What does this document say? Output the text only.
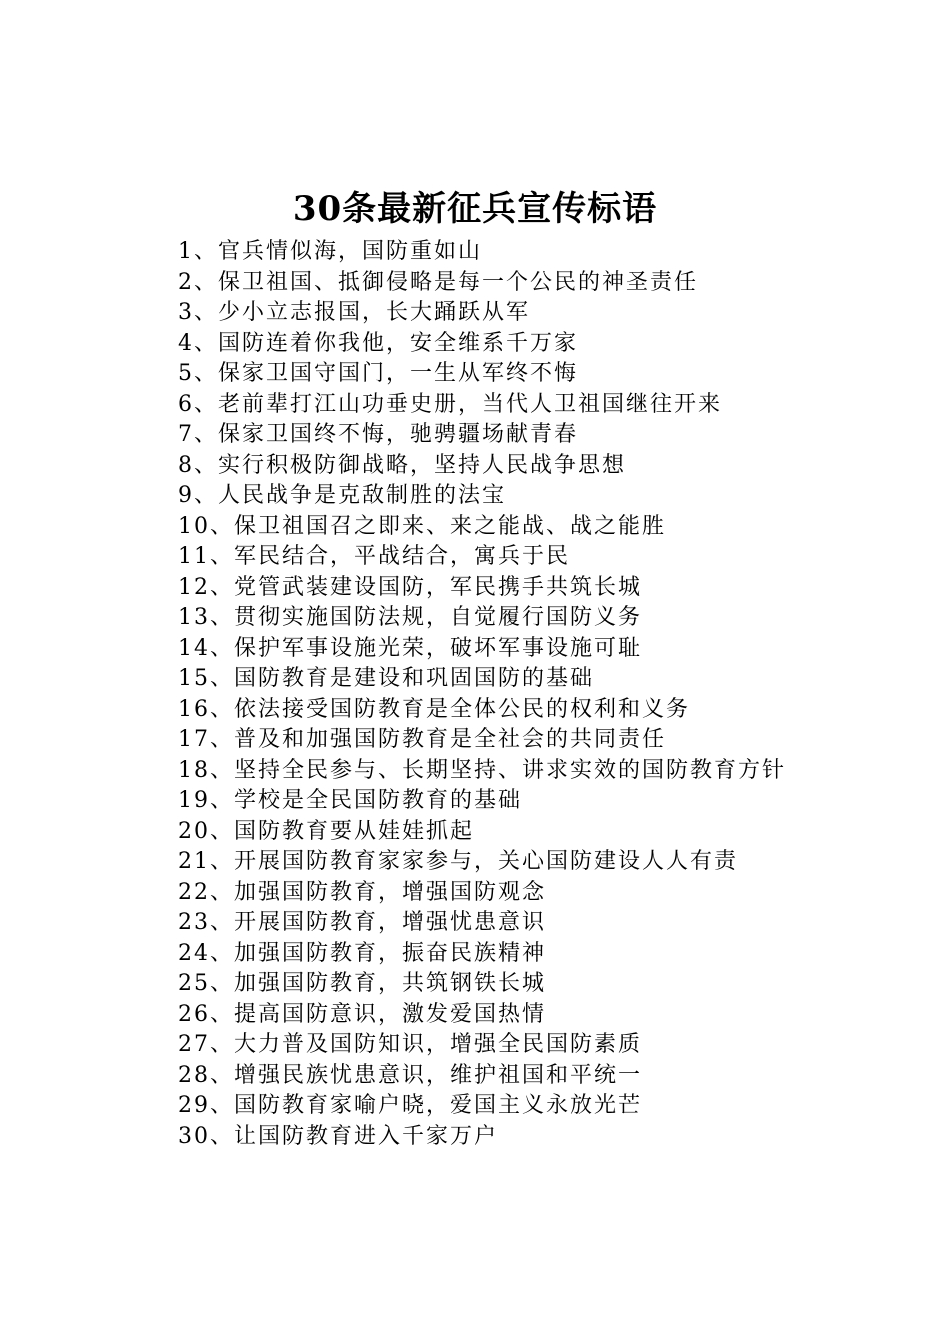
30条最新征兵宣传标语
1、官兵情似海，国防重如山
2、保卫祖国、抵御侵略是每一个公民的神圣责任
3、少小立志报国，长大踊跃从军
4、国防连着你我他，安全维系千万家
5、保家卫国守国门，一生从军终不悔
6、老前辈打江山功垂史册，当代人卫祖国继往开来
7、保家卫国终不悔，驰骋疆场献青春
8、实行积极防御战略，坚持人民战争思想
9、人民战争是克敌制胜的法宝
10、保卫祖国召之即来、来之能战、战之能胜
11、军民结合，平战结合，寓兵于民
12、党管武装建设国防，军民携手共筑长城
13、贯彻实施国防法规，自觉履行国防义务
14、保护军事设施光荣，破坏军事设施可耻
15、国防教育是建设和巩固国防的基础
16、依法接受国防教育是全体公民的权利和义务
17、普及和加强国防教育是全社会的共同责任
18、坚持全民参与、长期坚持、讲求实效的国防教育方针
19、学校是全民国防教育的基础
20、国防教育要从娃娃抓起
21、开展国防教育家家参与，关心国防建设人人有责
22、加强国防教育，增强国防观念
23、开展国防教育，增强忧患意识
24、加强国防教育，振奋民族精神
25、加强国防教育，共筑钢铁长城
26、提高国防意识，激发爱国热情
27、大力普及国防知识，增强全民国防素质
28、增强民族忧患意识，维护祖国和平统一
29、国防教育家喻户晓，爱国主义永放光芒
30、让国防教育进入千家万户
